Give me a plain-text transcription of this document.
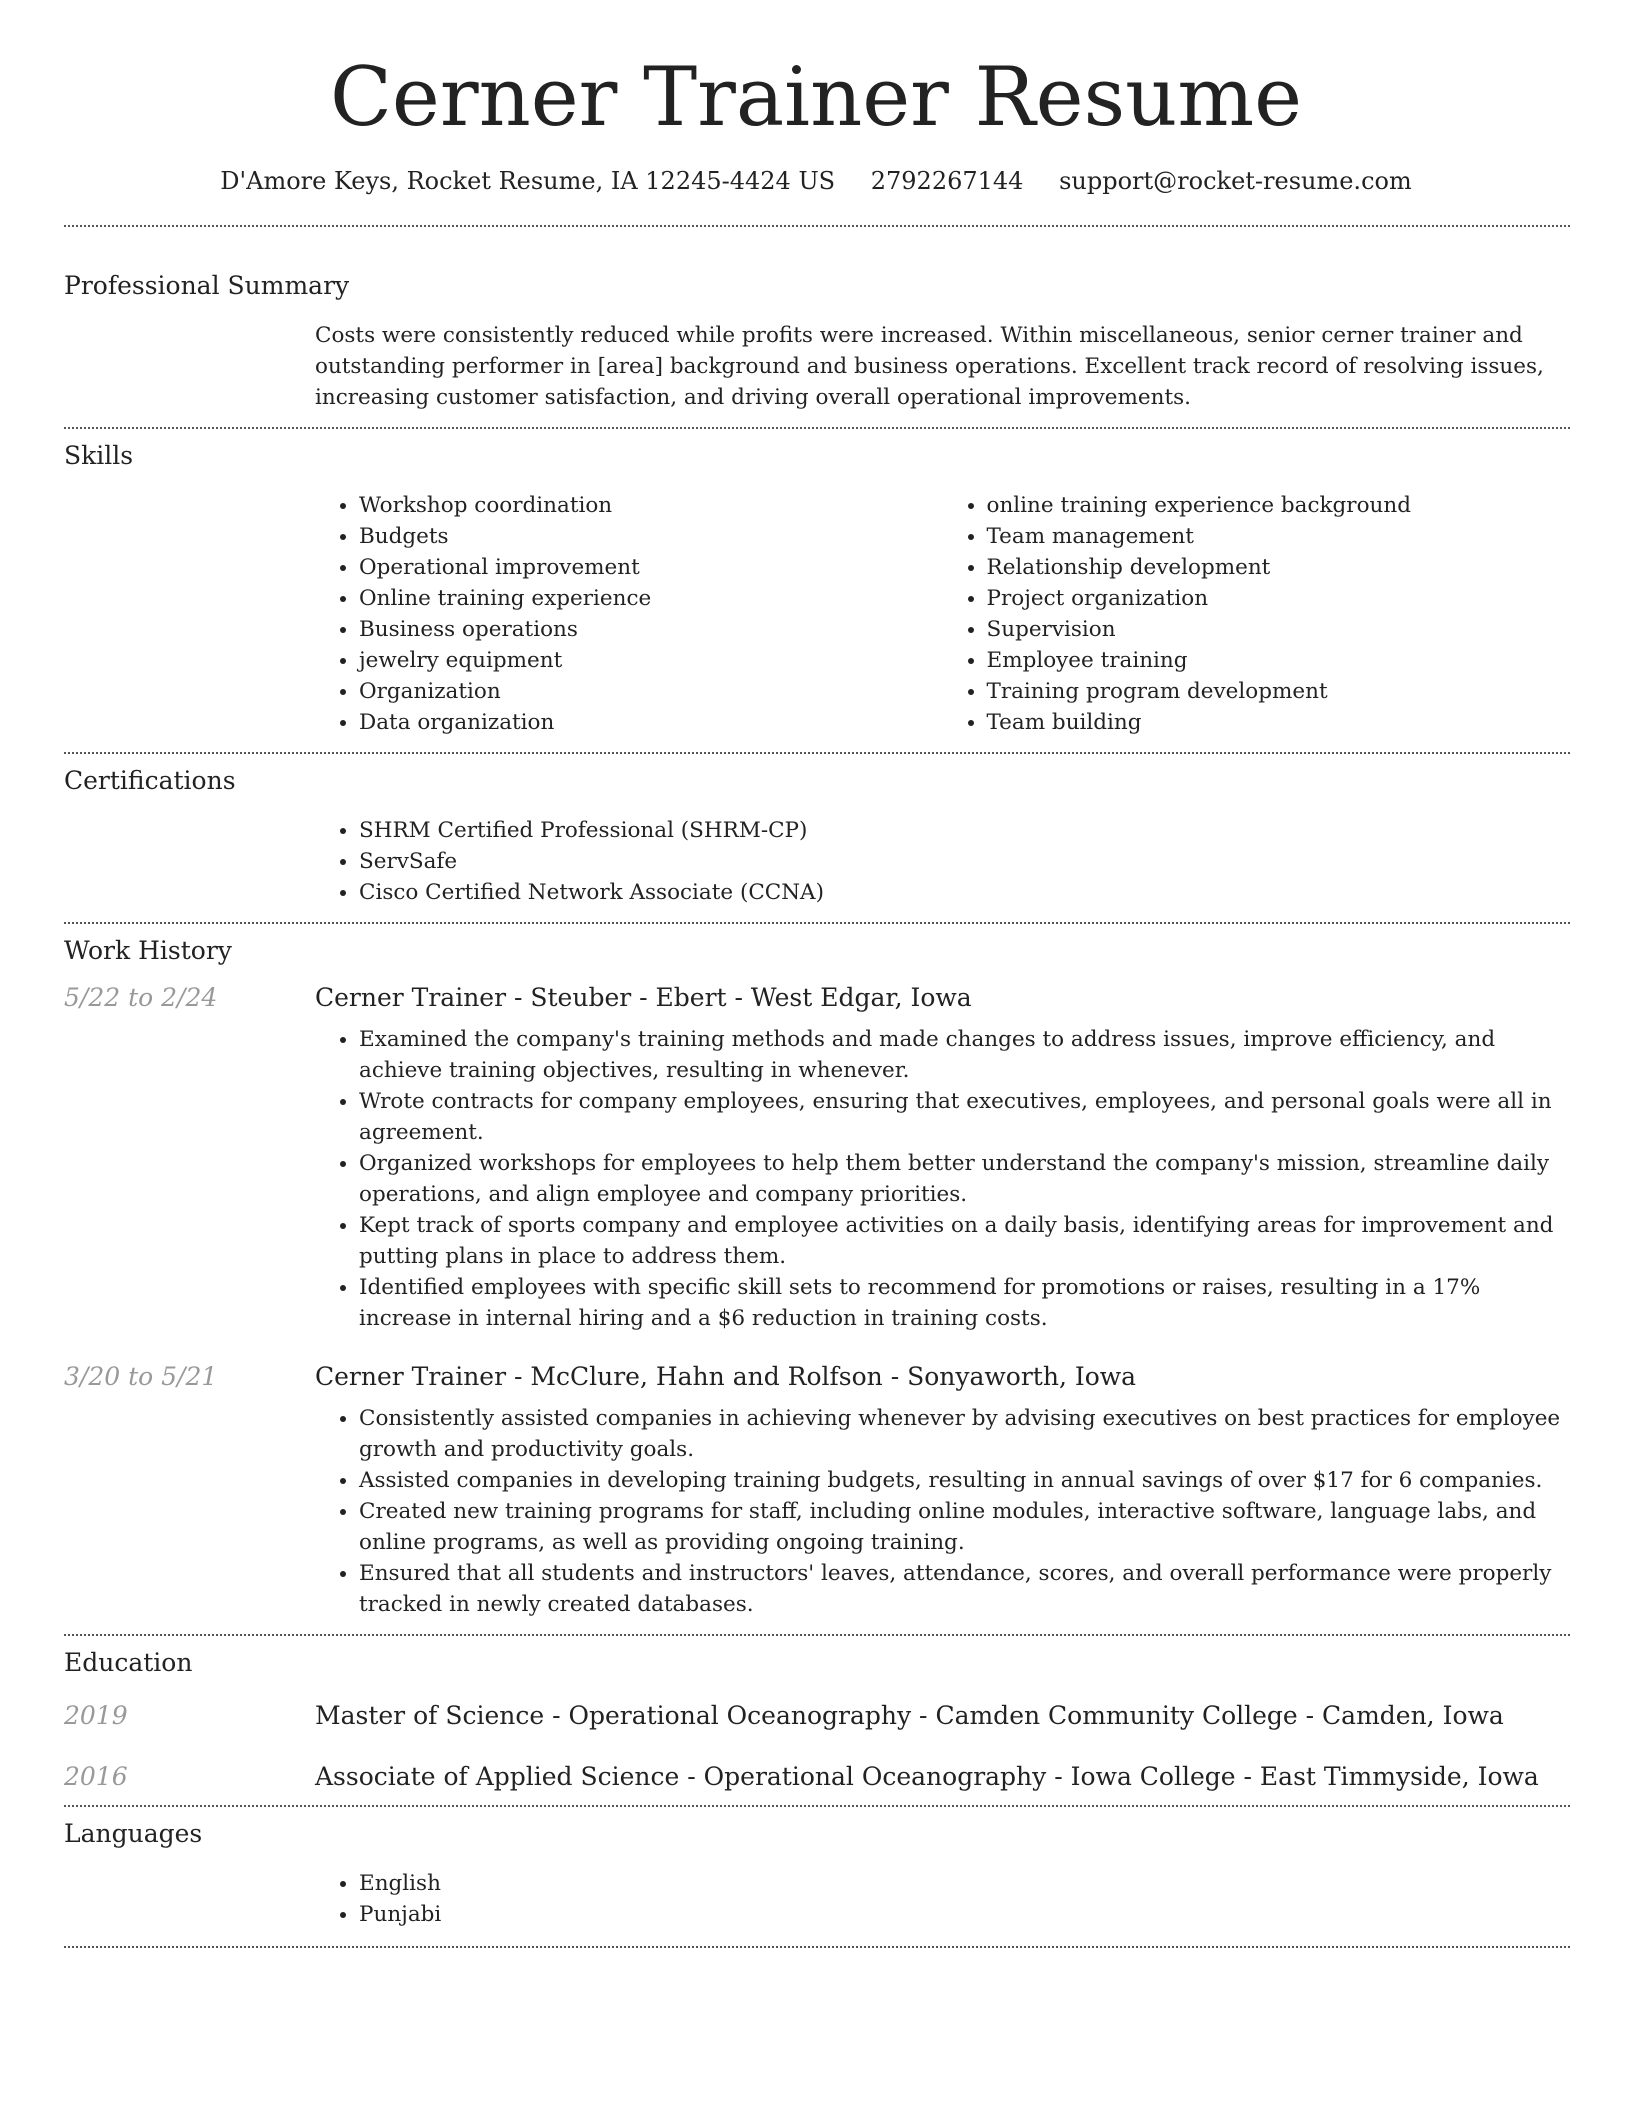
Cerner Trainer Resume
D'Amore Keys, Rocket Resume, IA 12245-4424 US 2792267144 support@rocket-resume.com
Professional Summary

Costs were consistently reduced while profits were increased. Within miscellaneous, senior cerner trainer and outstanding performer in [area] background and business operations. Excellent track record of resolving issues, increasing customer satisfaction, and driving overall operational improvements.

Skills
• Workshop coordination
• Budgets
• Operational improvement
• Online training experience
• Business operations
• jewelry equipment
• Organization
• Data organization
• online training experience background
• Team management
• Relationship development
• Project organization
• Supervision
• Employee training
• Training program development
• Team building
Certifications
• SHRM Certified Professional (SHRM-CP)
• ServSafe
• Cisco Certified Network Associate (CCNA)
Work History
5/22 to 2/24	Cerner Trainer - Steuber - Ebert - West Edgar, Iowa
• Examined the company's training methods and made changes to address issues, improve efficiency, and achieve training objectives, resulting in whenever.
• Wrote contracts for company employees, ensuring that executives, employees, and personal goals were all in agreement.
• Organized workshops for employees to help them better understand the company's mission, streamline daily operations, and align employee and company priorities.
• Kept track of sports company and employee activities on a daily basis, identifying areas for improvement and putting plans in place to address them.
• Identified employees with specific skill sets to recommend for promotions or raises, resulting in a 17% increase in internal hiring and a $6 reduction in training costs.
3/20 to 5/21	Cerner Trainer - McClure, Hahn and Rolfson - Sonyaworth, Iowa
• Consistently assisted companies in achieving whenever by advising executives on best practices for employee growth and productivity goals.
• Assisted companies in developing training budgets, resulting in annual savings of over $17 for 6 companies.
• Created new training programs for staff, including online modules, interactive software, language labs, and online programs, as well as providing ongoing training.
• Ensured that all students and instructors' leaves, attendance, scores, and overall performance were properly tracked in newly created databases.
Education
2019	Master of Science - Operational Oceanography - Camden Community College - Camden, Iowa
2016	Associate of Applied Science - Operational Oceanography - Iowa College - East Timmyside, Iowa
Languages
• English
• Punjabi
